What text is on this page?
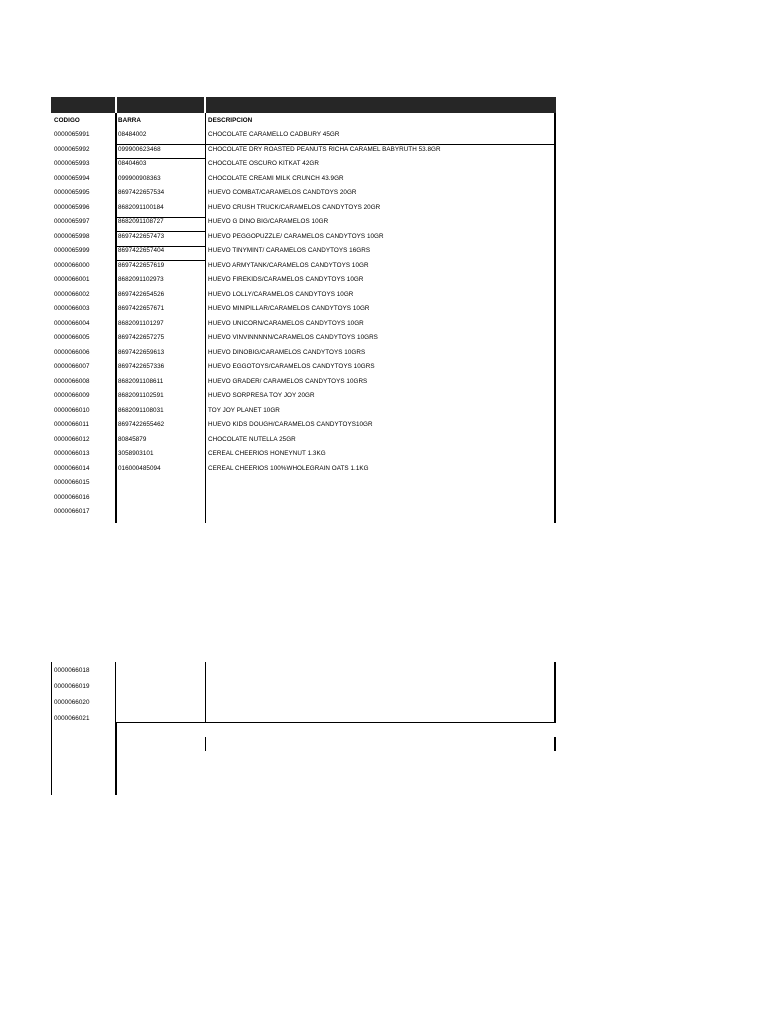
CODIGO	BARRA	DESCRIPCION
0000065991	08484002	CHOCOLATE CARAMELLO CADBURY 45GR
0000065992	099900623468	CHOCOLATE DRY ROASTED PEANUTS RICHA CARAMEL BABYRUTH 53.8GR
0000065993	08404603	CHOCOLATE OSCURO KITKAT 42GR
0000065994	099900908363	CHOCOLATE CREAMI MILK CRUNCH 43.9GR
0000065995	8697422657534	HUEVO COMBAT/CARAMELOS CANDTOYS 20GR
0000065996	8682091100184	HUEVO CRUSH TRUCK/CARAMELOS CANDYTOYS 20GR
0000065997	8682091108727	HUEVO G DINO BIG/CARAMELOS 10GR
0000065998	8697422657473	HUEVO PEGGOPUZZLE/ CARAMELOS CANDYTOYS 10GR
0000065999	8697422657404	HUEVO TINYMINT/ CARAMELOS CANDYTOYS 16GRS
0000066000	8697422657619	HUEVO ARMYTANK/CARAMELOS CANDYTOYS 10GR
0000066001	8682091102973	HUEVO FIREKIDS/CARAMELOS CANDYTOYS 10GR
0000066002	8697422654526	HUEVO LOLLY/CARAMELOS CANDYTOYS 10GR
0000066003	8697422657671	HUEVO MINIPILLAR/CARAMELOS CANDYTOYS 10GR
0000066004	8682091101297	HUEVO UNICORN/CARAMELOS CANDYTOYS 10GR
0000066005	8697422657275	HUEVO VINVINNNNN/CARAMELOS CANDYTOYS 10GRS
0000066006	8697422659613	HUEVO DINOBIG/CARAMELOS CANDYTOYS 10GRS
0000066007	8697422657336	HUEVO EGGOTOYS/CARAMELOS CANDYTOYS 10GRS
0000066008	8682091108611	HUEVO GRADER/ CARAMELOS CANDYTOYS 10GRS
0000066009	8682091102591	HUEVO SORPRESA TOY JOY 20GR
0000066010	8682091108031	TOY JOY PLANET 10GR
0000066011	8697422655462	HUEVO KIDS DOUGH/CARAMELOS CANDYTOYS10GR
0000066012	80845879	CHOCOLATE NUTELLA 25GR
0000066013	3058903101	CEREAL CHEERIOS HONEYNUT 1.3KG
0000066014	016000485094	CEREAL CHEERIOS 100%WHOLEGRAIN OATS 1.1KG
0000066015
0000066016
0000066017
0000066018
0000066019
0000066020
0000066021
